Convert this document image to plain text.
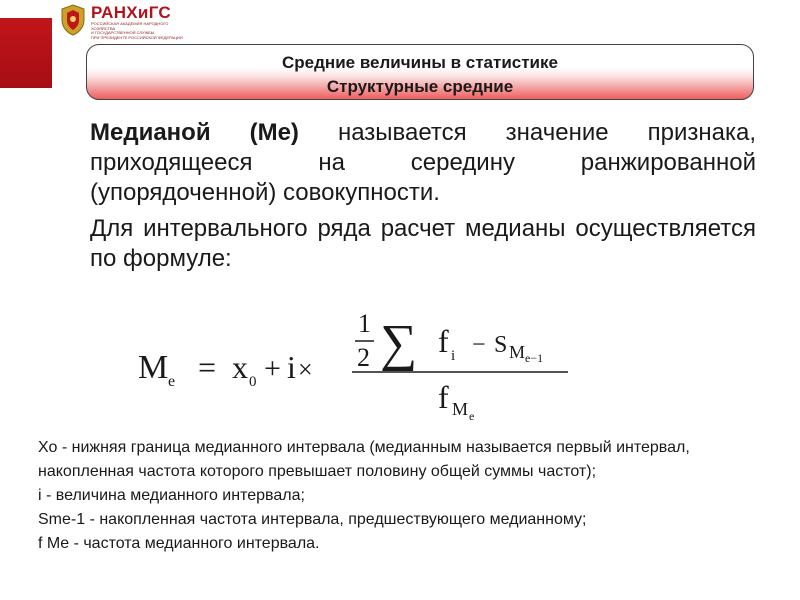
РАНХиГС
РОССИЙСКАЯ АКАДЕМИЯ НАРОДНОГО ХОЗЯЙСТВА
И ГОСУДАРСТВЕННОЙ СЛУЖБЫ
ПРИ ПРЕЗИДЕНТЕ РОССИЙСКОЙ ФЕДЕРАЦИИ
Средние величины в статистике
Структурные средние

Медианой (Me) называется значение признака, приходящееся на середину ранжированной (упорядоченной) совокупности.

Для интервального ряда расчет медианы осуществляется по формуле:

M e = x 0 + i ×
1
2 ∑ f i − S M e−1
f M e

Хо - нижняя граница медианного интервала (медианным называется первый интервал, накопленная частота которого превышает половину общей суммы частот);

i - величина медианного интервала;

Sme-1 - накопленная частота интервала, предшествующего медианному;

f Me - частота медианного интервала.
